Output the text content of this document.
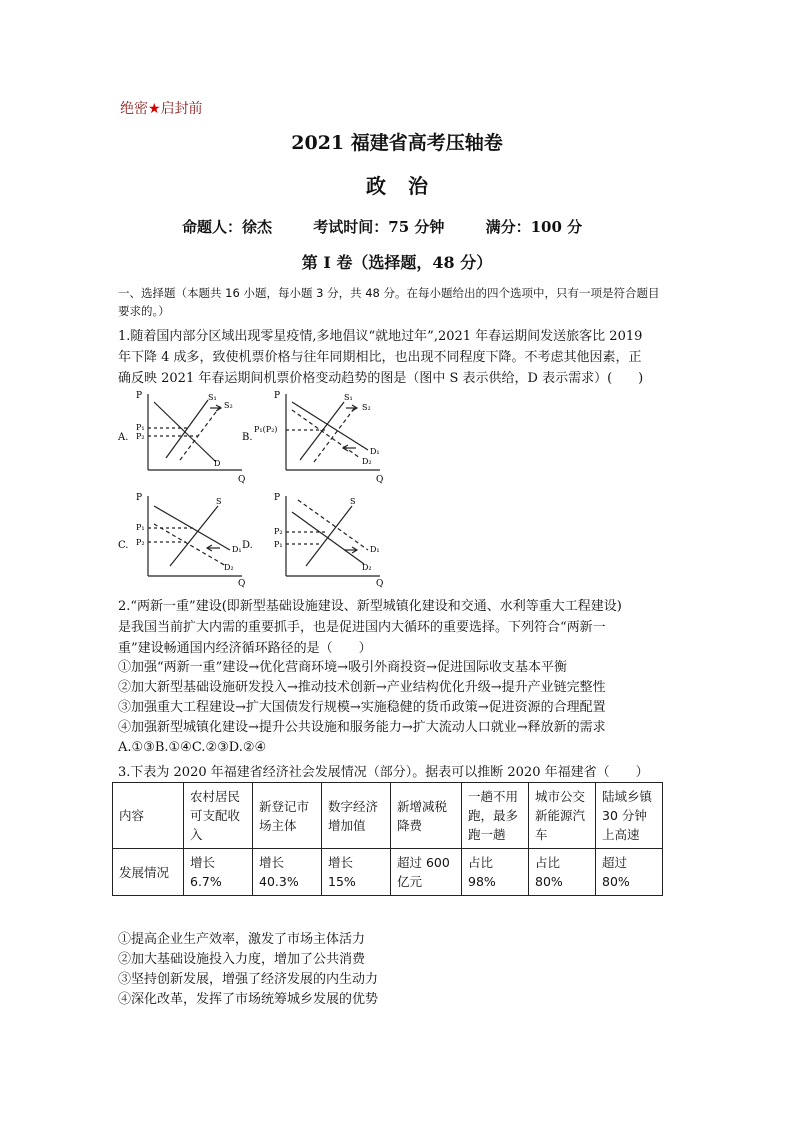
绝密★启封前
2021 福建省高考压轴卷
政治
命题人：徐杰	考试时间：75 分钟	满分：100 分
第 I 卷（选择题，48 分）
一、选择题（本题共 16 小题，每小题 3 分，共 48 分。在每小题给出的四个选项中，只有一项是符合题目
要求的。）
1.随着国内部分区域出现零星疫情,多地倡议“就地过年”,2021 年春运期间发送旅客比 2019
年下降 4 成多，致使机票价格与往年同期相比，也出现不同程度下降。不考虑其他因素，正
确反映 2021 年春运期间机票价格变动趋势的图是（图中 S 表示供给，D 表示需求）(　　)
P
Q
A.
P₁
P₂
S₁
S₂
D
P
Q
B.
P₁(P₂)
S₁
S₂
D₁
D₂
P
Q
C.
P₁
P₂
S
D₁
D₂
P
Q
D.
P₂
P₁
S
D₁
D₂
2.“两新一重”建设(即新型基础设施建设、新型城镇化建设和交通、水利等重大工程建设)
是我国当前扩大内需的重要抓手，也是促进国内大循环的重要选择。下列符合“两新一
重”建设畅通国内经济循环路径的是（　　）
①加强“两新一重”建设→优化营商环境→吸引外商投资→促进国际收支基本平衡
②加大新型基础设施研发投入→推动技术创新→产业结构优化升级→提升产业链完整性
③加强重大工程建设→扩大国债发行规模→实施稳健的货币政策→促进资源的合理配置
④加强新型城镇化建设→提升公共设施和服务能力→扩大流动人口就业→释放新的需求
A.①③B.①④C.②③D.②④
3.下表为 2020 年福建省经济社会发展情况（部分）。据表可以推断 2020 年福建省（　　）
内容	农村居民可支配收入	新登记市场主体	数字经济增加值	新增减税降费	一趟不用跑，最多跑一趟	城市公交新能源汽车	陆域乡镇 30 分钟上高速
发展情况	增长 6.7%	增长 40.3%	增长 15%	超过 600 亿元	占比 98%	占比 80%	超过 80%
①提高企业生产效率，激发了市场主体活力
②加大基础设施投入力度，增加了公共消费
③坚持创新发展，增强了经济发展的内生动力
④深化改革，发挥了市场统筹城乡发展的优势
